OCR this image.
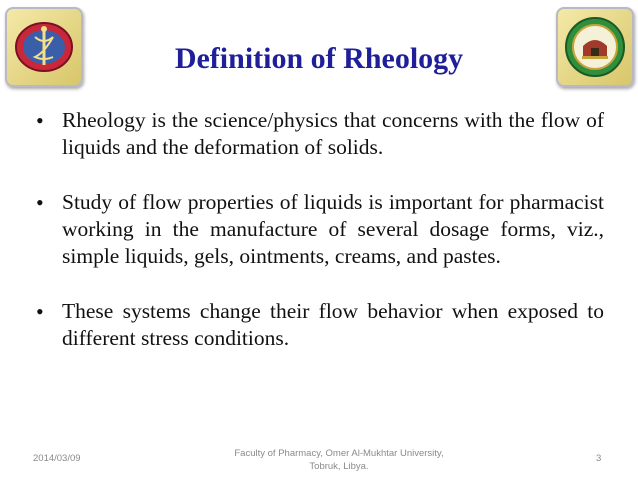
Definition of Rheology
• Rheology is the science/physics that concerns with the flow of liquids and the deformation of solids.
• Study of flow properties of liquids is important for pharmacist working in the manufacture of several dosage forms, viz., simple liquids, gels, ointments, creams, and pastes.
• These systems change their flow behavior when exposed to different stress conditions.
2014/03/09	Faculty of Pharmacy, Omer Al-Mukhtar University, Tobruk, Libya.
3
